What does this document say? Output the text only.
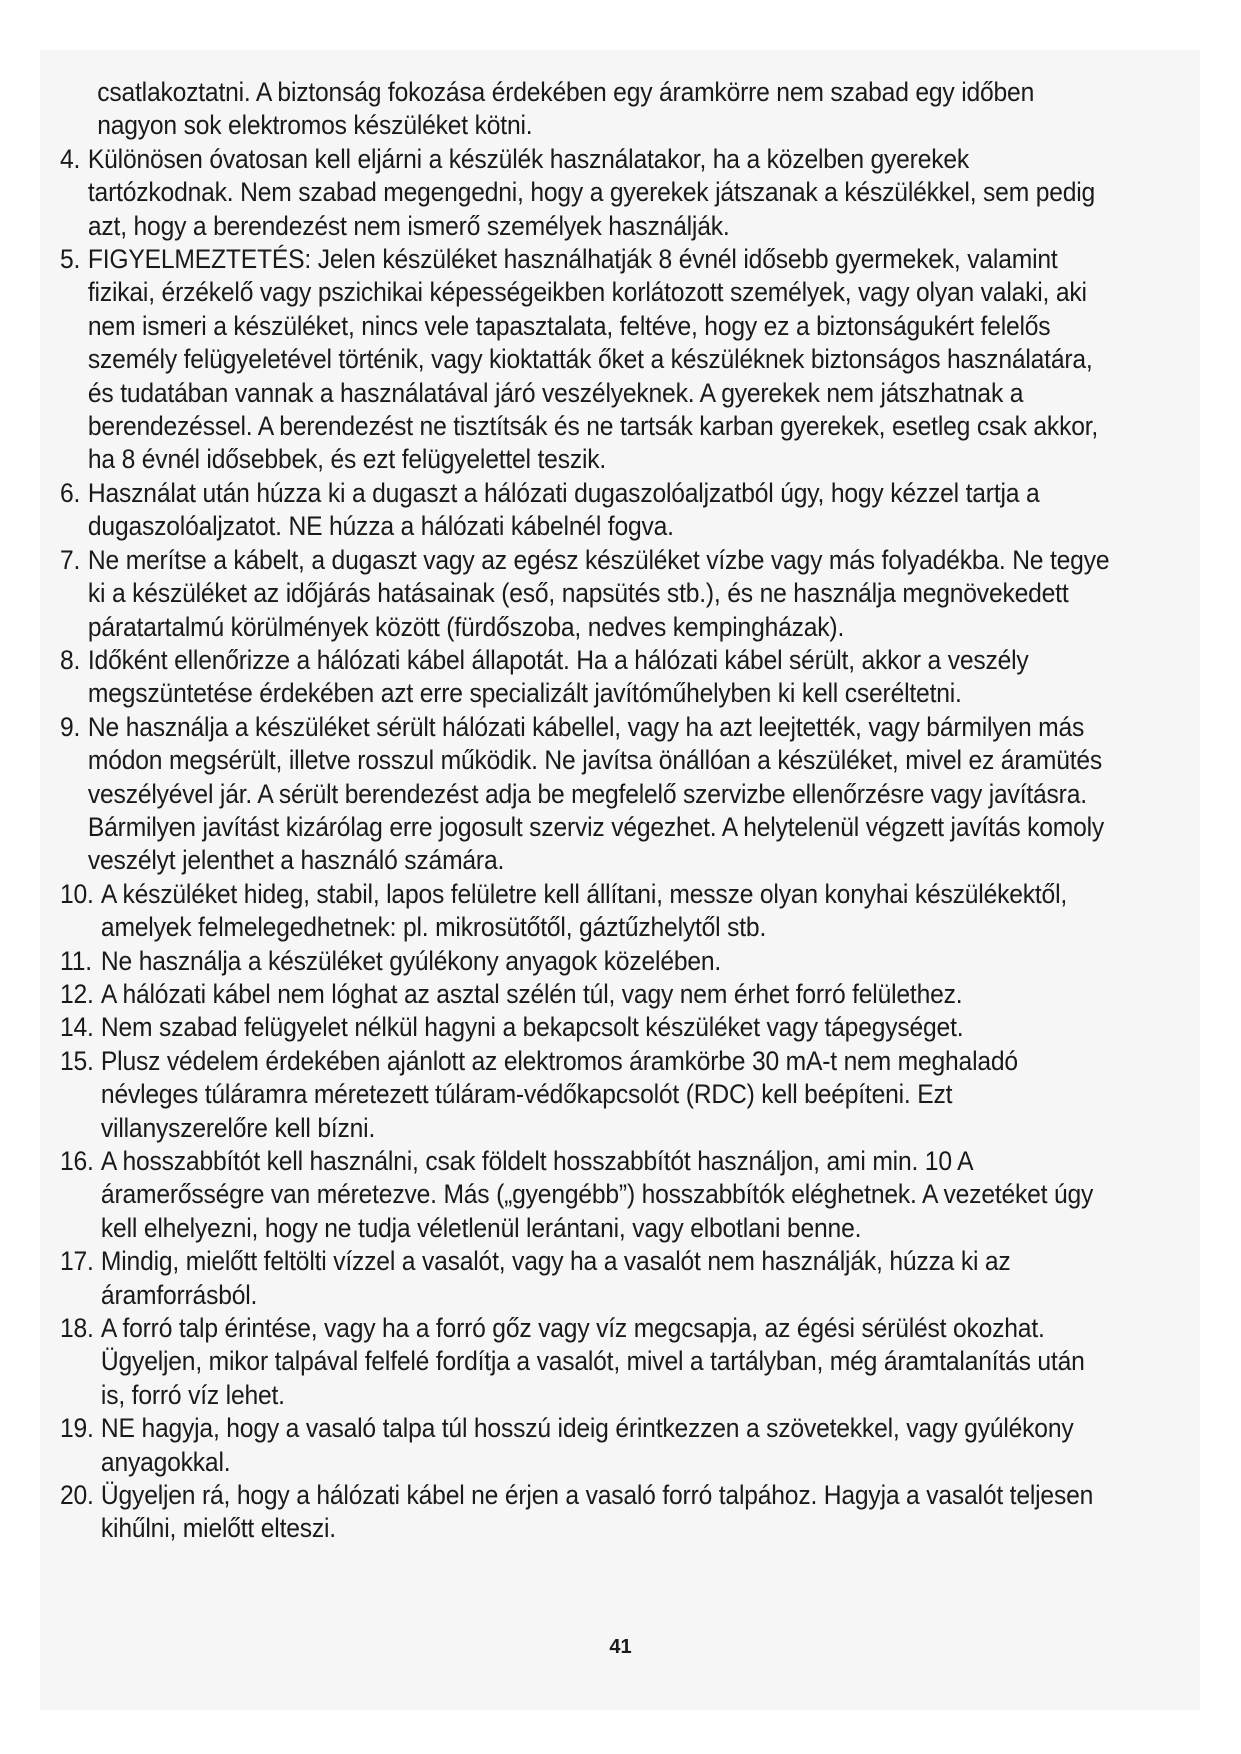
csatlakoztatni. A biztonság fokozása érdekében egy áramkörre nem szabad egy időben nagyon sok elektromos készüléket kötni.

4. Különösen óvatosan kell eljárni a készülék használatakor, ha a közelben gyerekek tartózkodnak. Nem szabad megengedni, hogy a gyerekek játszanak a készülékkel, sem pedig azt, hogy a berendezést nem ismerő személyek használják.
5. FIGYELMEZTETÉS: Jelen készüléket használhatják 8 évnél idősebb gyermekek, valamint fizikai, érzékelő vagy pszichikai képességeikben korlátozott személyek, vagy olyan valaki, aki nem ismeri a készüléket, nincs vele tapasztalata, feltéve, hogy ez a biztonságukért felelős személy felügyeletével történik, vagy kioktatták őket a készüléknek biztonságos használatára, és tudatában vannak a használatával járó veszélyeknek. A gyerekek nem játszhatnak a berendezéssel. A berendezést ne tisztítsák és ne tartsák karban gyerekek, esetleg csak akkor, ha 8 évnél idősebbek, és ezt felügyelettel teszik.
6. Használat után húzza ki a dugaszt a hálózati dugaszolóaljzatból úgy, hogy kézzel tartja a dugaszolóaljzatot. NE húzza a hálózati kábelnél fogva.
7. Ne merítse a kábelt, a dugaszt vagy az egész készüléket vízbe vagy más folyadékba. Ne tegye ki a készüléket az időjárás hatásainak (eső, napsütés stb.), és ne használja megnövekedett páratartalmú körülmények között (fürdőszoba, nedves kempingházak).
8. Időként ellenőrizze a hálózati kábel állapotát. Ha a hálózati kábel sérült, akkor a veszély megszüntetése érdekében azt erre specializált javítóműhelyben ki kell cseréltetni.
9. Ne használja a készüléket sérült hálózati kábellel, vagy ha azt leejtették, vagy bármilyen más módon megsérült, illetve rosszul működik. Ne javítsa önállóan a készüléket, mivel ez áramütés veszélyével jár. A sérült berendezést adja be megfelelő szervizbe ellenőrzésre vagy javításra. Bármilyen javítást kizárólag erre jogosult szerviz végezhet. A helytelenül végzett javítás komoly veszélyt jelenthet a használó számára.
10. A készüléket hideg, stabil, lapos felületre kell állítani, messze olyan konyhai készülékektől, amelyek felmelegedhetnek: pl. mikrosütőtől, gáztűzhelytől stb.
11. Ne használja a készüléket gyúlékony anyagok közelében.
12. A hálózati kábel nem lóghat az asztal szélén túl, vagy nem érhet forró felülethez.
14. Nem szabad felügyelet nélkül hagyni a bekapcsolt készüléket vagy tápegységet.
15. Plusz védelem érdekében ajánlott az elektromos áramkörbe 30 mA-t nem meghaladó névleges túláramra méretezett túláram-védőkapcsolót (RDC) kell beépíteni. Ezt villanyszerelőre kell bízni.
16. A hosszabbítót kell használni, csak földelt hosszabbítót használjon, ami min. 10 A áramerősségre van méretezve. Más („gyengébb”) hosszabbítók eléghetnek. A vezetéket úgy kell elhelyezni, hogy ne tudja véletlenül lerántani, vagy elbotlani benne.
17. Mindig, mielőtt feltölti vízzel a vasalót, vagy ha a vasalót nem használják, húzza ki az áramforrásból.
18. A forró talp érintése, vagy ha a forró gőz vagy víz megcsapja, az égési sérülést okozhat. Ügyeljen, mikor talpával felfelé fordítja a vasalót, mivel a tartályban, még áramtalanítás után is, forró víz lehet.
19. NE hagyja, hogy a vasaló talpa túl hosszú ideig érintkezzen a szövetekkel, vagy gyúlékony anyagokkal.
20. Ügyeljen rá, hogy a hálózati kábel ne érjen a vasaló forró talpához. Hagyja a vasalót teljesen kihűlni, mielőtt elteszi.
41
